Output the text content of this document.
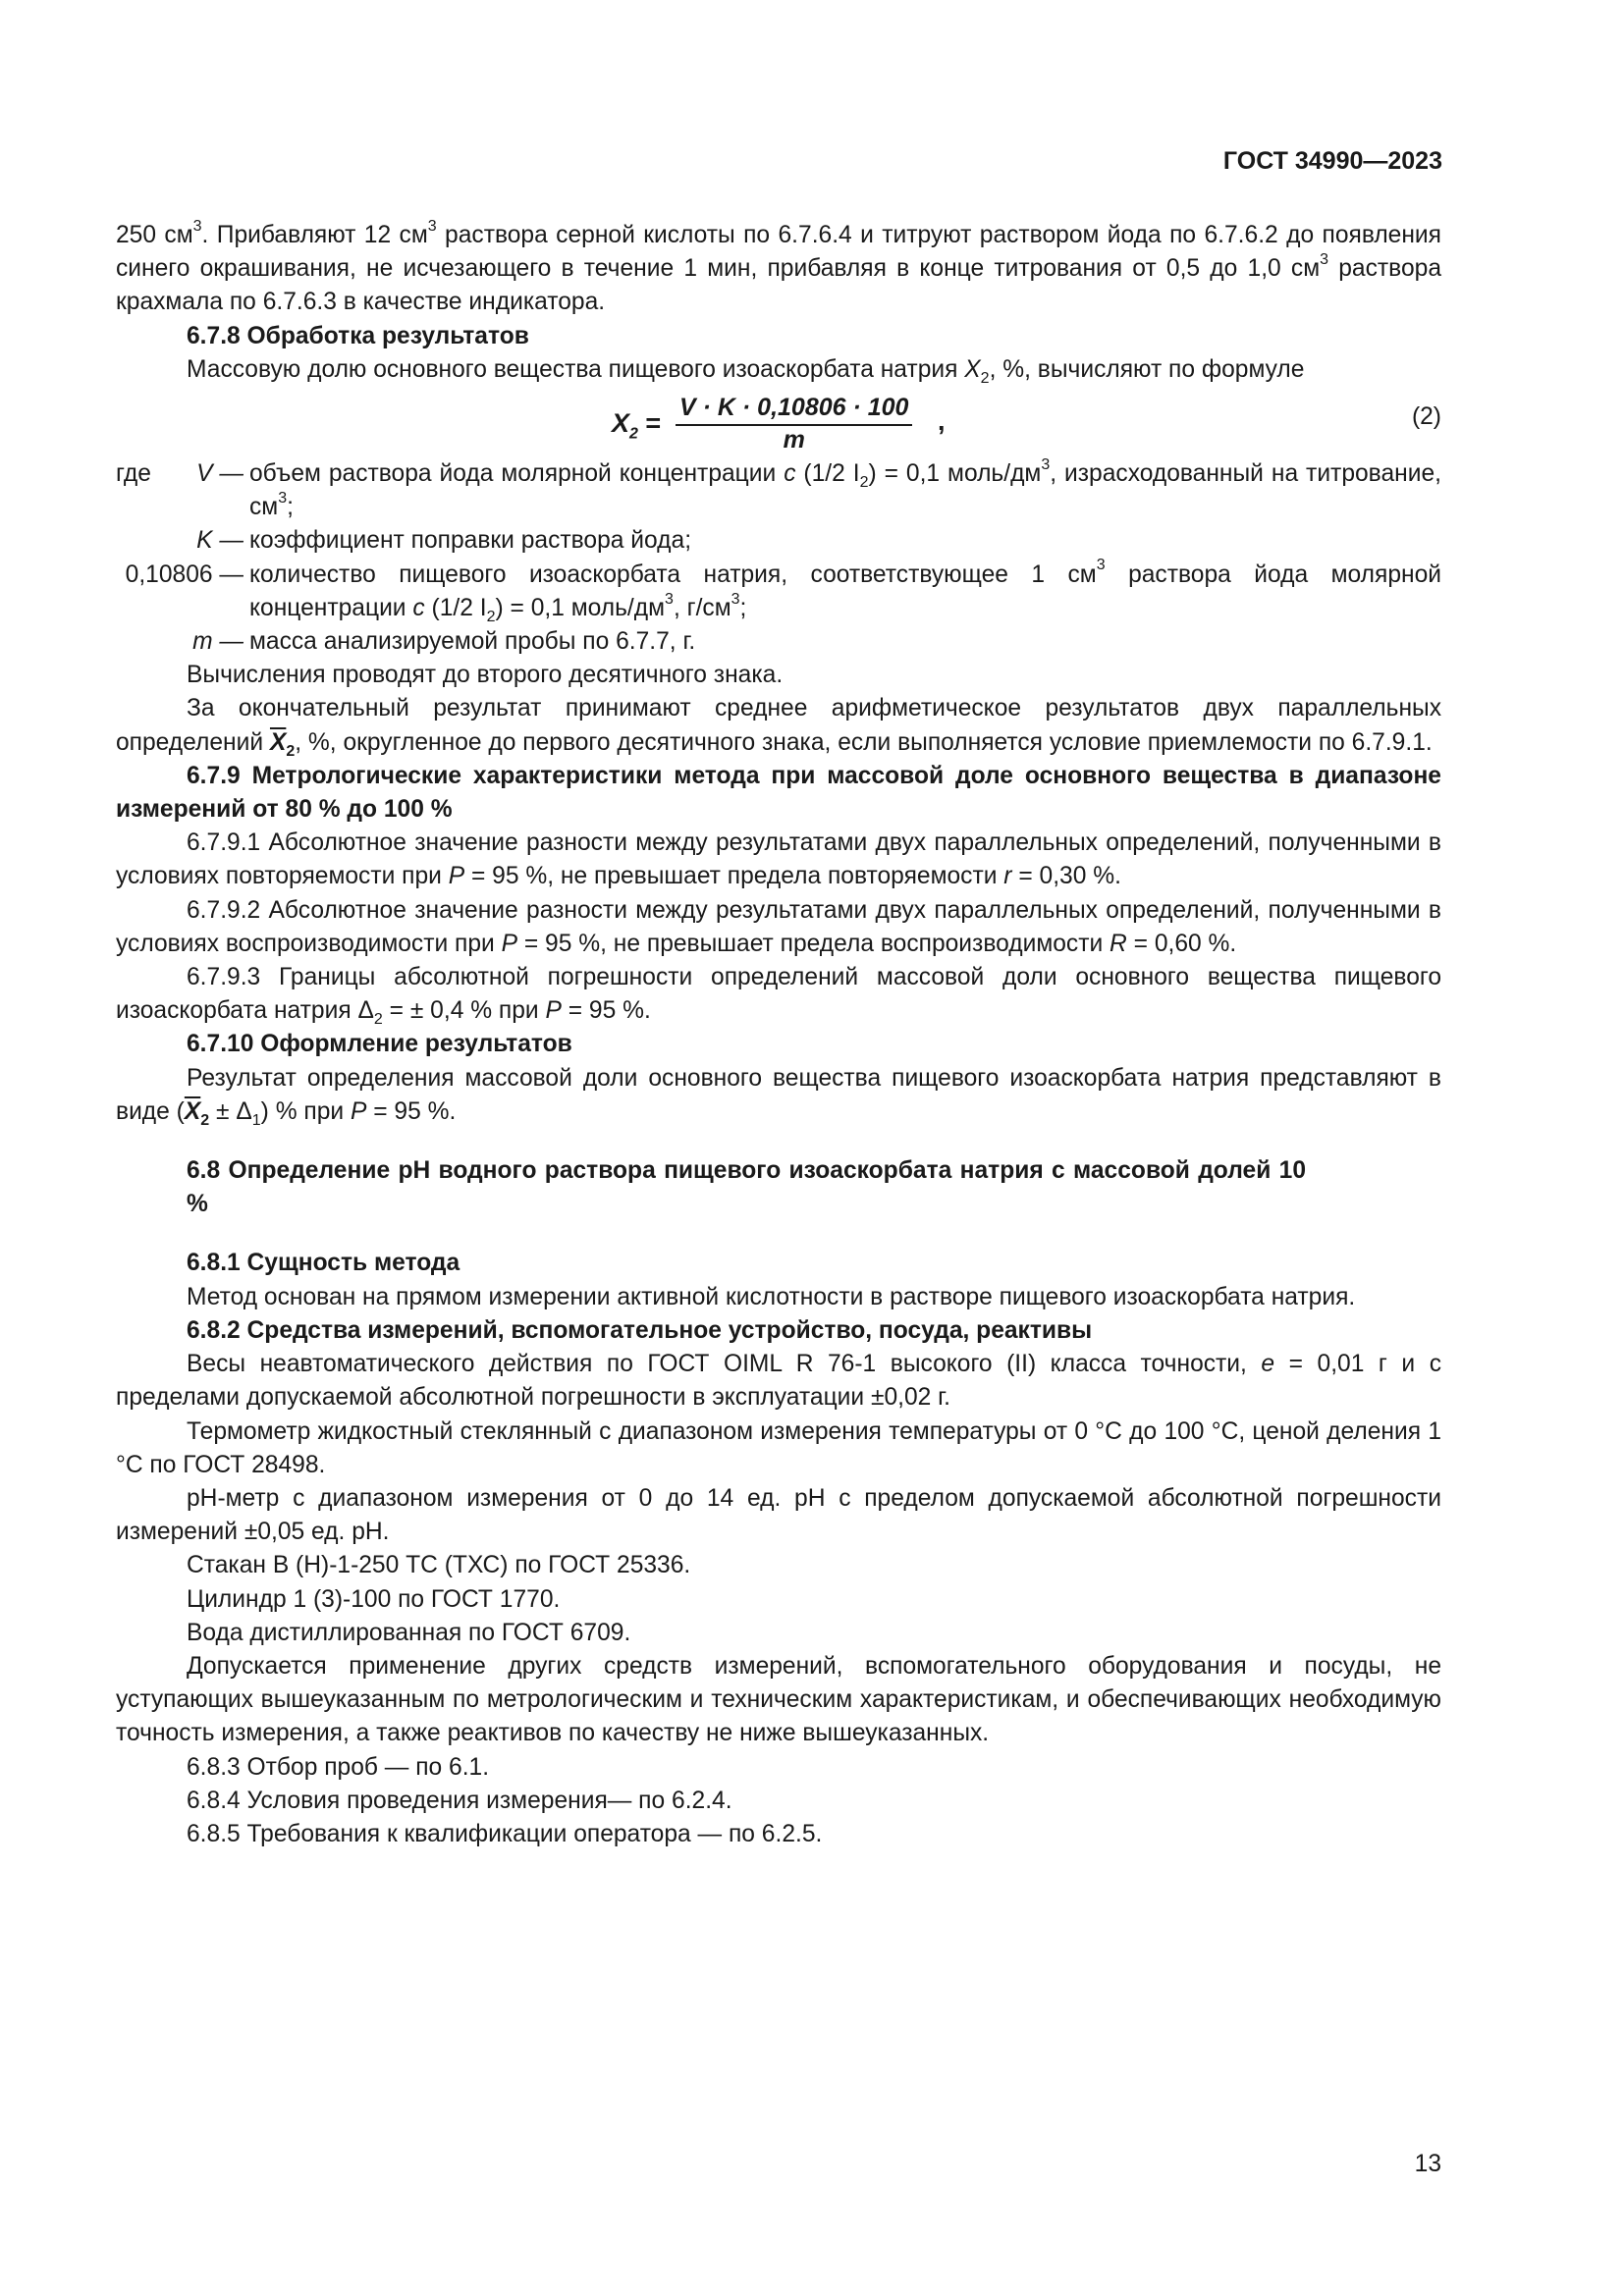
ГОСТ 34990—2023

250 $см^3$. Прибавляют 12 $см^3$ раствора серной кислоты по 6.7.6.4 и титруют раствором йода по 6.7.6.2 до появления синего окрашивания, не исчезающего в течение 1 мин, прибавляя в конце титрования от 0,5 до 1,0 $см^3$ раствора крахмала по 6.7.6.3 в качестве индикатора.

6.7.8 Обработка результатов

Массовую долю основного вещества пищевого изоаскорбата натрия $X_2$, %, вычисляют по формуле

$X_2 = \frac{V \cdot K \cdot 0,10806 \cdot 100}{m}$ ,	(2)
где	V — объем раствора йода молярной концентрации c (1/2 $I_2) = 0,1$ моль/$дм^3$, израсходованный на титрование, $см^3$;
K — коэффициент поправки раствора йода;
0,10806 — количество пищевого изоаскорбата натрия, соответствующее 1 $см^3$ раствора йода молярной концентрации c (1/2 $I_2) = 0,1$ моль/$дм^3$, $г/см^3$;
m — масса анализируемой пробы по 6.7.7, г.

Вычисления проводят до второго десятичного знака.

За окончательный результат принимают среднее арифметическое результатов двух параллельных определений $\overline{X}_2$, %, округленное до первого десятичного знака, если выполняется условие приемлемости по 6.7.9.1.

6.7.9 Метрологические характеристики метода при массовой доле основного вещества в диапазоне измерений от 80 % до 100 %

6.7.9.1 Абсолютное значение разности между результатами двух параллельных определений, полученными в условиях повторяемости при P = 95 %, не превышает предела повторяемости r = 0,30 %.

6.7.9.2 Абсолютное значение разности между результатами двух параллельных определений, полученными в условиях воспроизводимости при P = 95 %, не превышает предела воспроизводимости R = 0,60 %.

6.7.9.3 Границы абсолютной погрешности определений массовой доли основного вещества пищевого изоаскорбата натрия $\Delta_2$ = ± 0,4 % при P = 95 %.

6.7.10 Оформление результатов

Результат определения массовой доли основного вещества пищевого изоаскорбата натрия представляют в виде $(\overline{X}_2 \pm \Delta_1)$ % при P = 95 %.

6.8 Определение pH водного раствора пищевого изоаскорбата натрия с массовой долей 10 %

6.8.1 Сущность метода

Метод основан на прямом измерении активной кислотности в растворе пищевого изоаскорбата натрия.

6.8.2 Средства измерений, вспомогательное устройство, посуда, реактивы

Весы неавтоматического действия по ГОСТ OIML R 76-1 высокого (II) класса точности, e = 0,01 г и с пределами допускаемой абсолютной погрешности в эксплуатации ±0,02 г.

Термометр жидкостный стеклянный с диапазоном измерения температуры от 0 °С до 100 °С, ценой деления 1 °С по ГОСТ 28498.

pH-метр с диапазоном измерения от 0 до 14 ед. pH с пределом допускаемой абсолютной погрешности измерений ±0,05 ед. pH.

Стакан В (Н)-1-250 ТС (ТХС) по ГОСТ 25336.

Цилиндр 1 (3)-100 по ГОСТ 1770.

Вода дистиллированная по ГОСТ 6709.

Допускается применение других средств измерений, вспомогательного оборудования и посуды, не уступающих вышеуказанным по метрологическим и техническим характеристикам, и обеспечивающих необходимую точность измерения, а также реактивов по качеству не ниже вышеуказанных.

6.8.3 Отбор проб — по 6.1.

6.8.4 Условия проведения измерения— по 6.2.4.

6.8.5 Требования к квалификации оператора — по 6.2.5.

13
